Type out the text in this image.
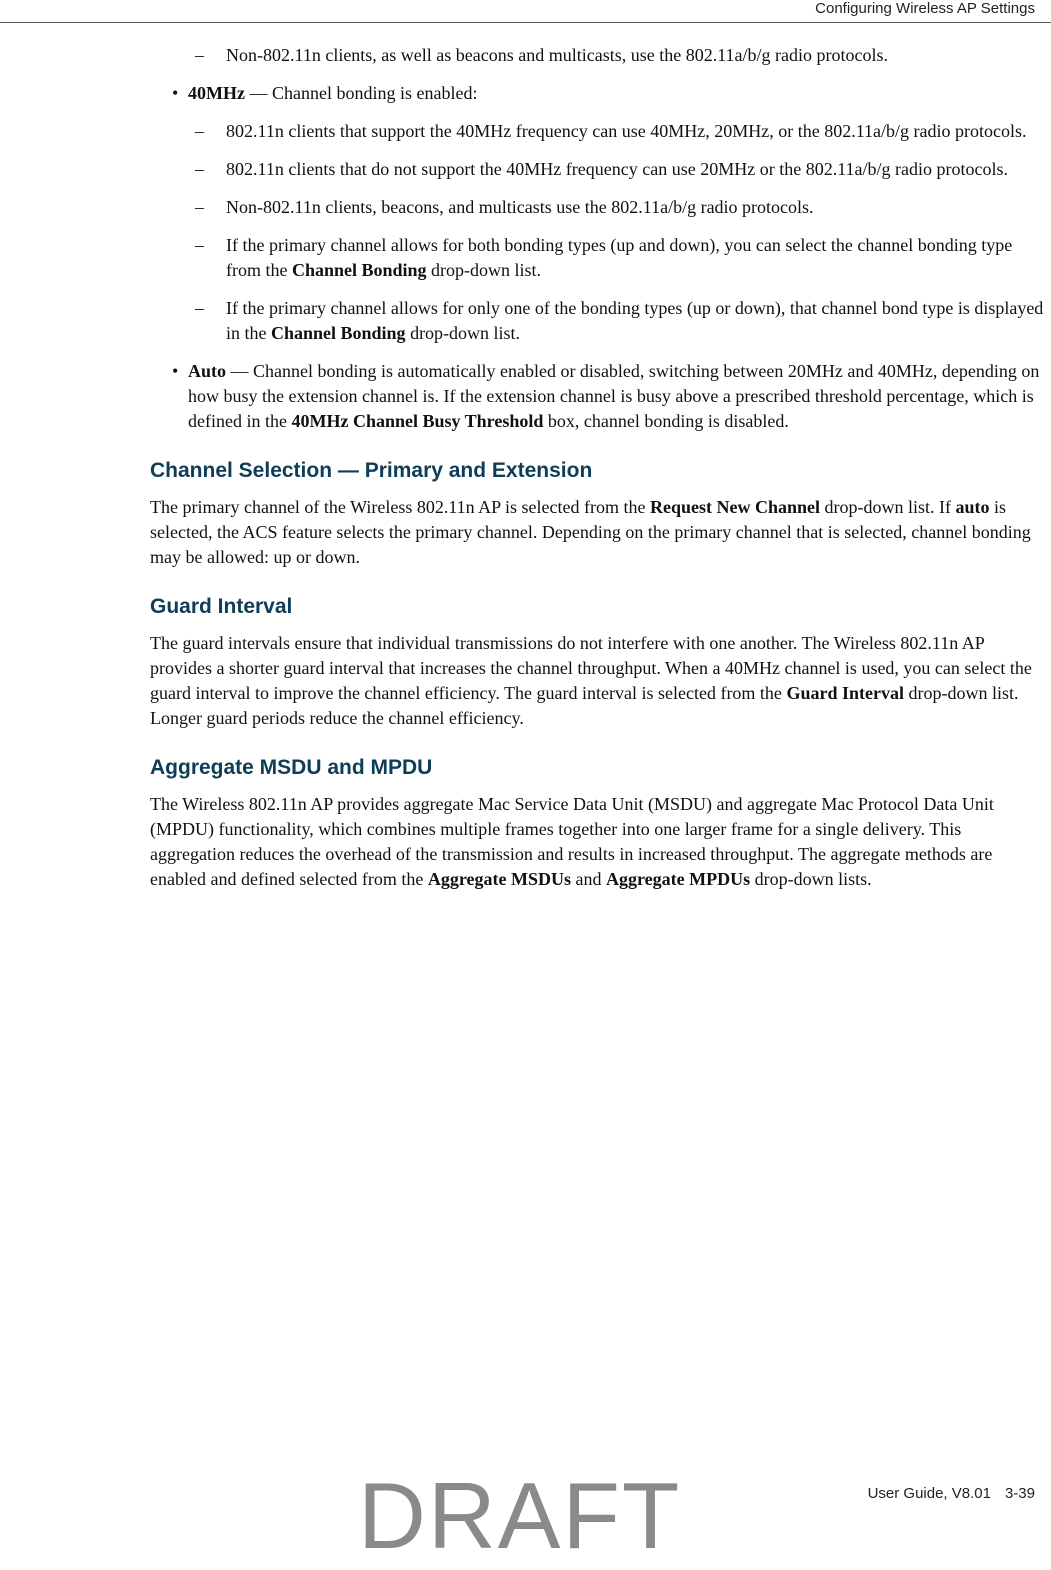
Configuring Wireless AP Settings
– Non-802.11n clients, as well as beacons and multicasts, use the 802.11a/b/g radio protocols.
• 40MHz — Channel bonding is enabled:
– 802.11n clients that support the 40MHz frequency can use 40MHz, 20MHz, or the 802.11a/b/g radio protocols.
– 802.11n clients that do not support the 40MHz frequency can use 20MHz or the 802.11a/b/g radio protocols.
– Non-802.11n clients, beacons, and multicasts use the 802.11a/b/g radio protocols.
– If the primary channel allows for both bonding types (up and down), you can select the channel bonding type from the Channel Bonding drop-down list.
– If the primary channel allows for only one of the bonding types (up or down), that channel bond type is displayed in the Channel Bonding drop-down list.
• Auto — Channel bonding is automatically enabled or disabled, switching between 20MHz and 40MHz, depending on how busy the extension channel is. If the extension channel is busy above a prescribed threshold percentage, which is defined in the 40MHz Channel Busy Threshold box, channel bonding is disabled.
Channel Selection — Primary and Extension

The primary channel of the Wireless 802.11n AP is selected from the Request New Channel drop-down list. If auto is selected, the ACS feature selects the primary channel. Depending on the primary channel that is selected, channel bonding may be allowed: up or down.

Guard Interval

The guard intervals ensure that individual transmissions do not interfere with one another. The Wireless 802.11n AP provides a shorter guard interval that increases the channel throughput. When a 40MHz channel is used, you can select the guard interval to improve the channel efficiency. The guard interval is selected from the Guard Interval drop-down list. Longer guard periods reduce the channel efficiency.

Aggregate MSDU and MPDU

The Wireless 802.11n AP provides aggregate Mac Service Data Unit (MSDU) and aggregate Mac Protocol Data Unit (MPDU) functionality, which combines multiple frames together into one larger frame for a single delivery. This aggregation reduces the overhead of the transmission and results in increased throughput. The aggregate methods are enabled and defined selected from the Aggregate MSDUs and Aggregate MPDUs drop-down lists.

User Guide, V8.01 3-39
DRAFT
